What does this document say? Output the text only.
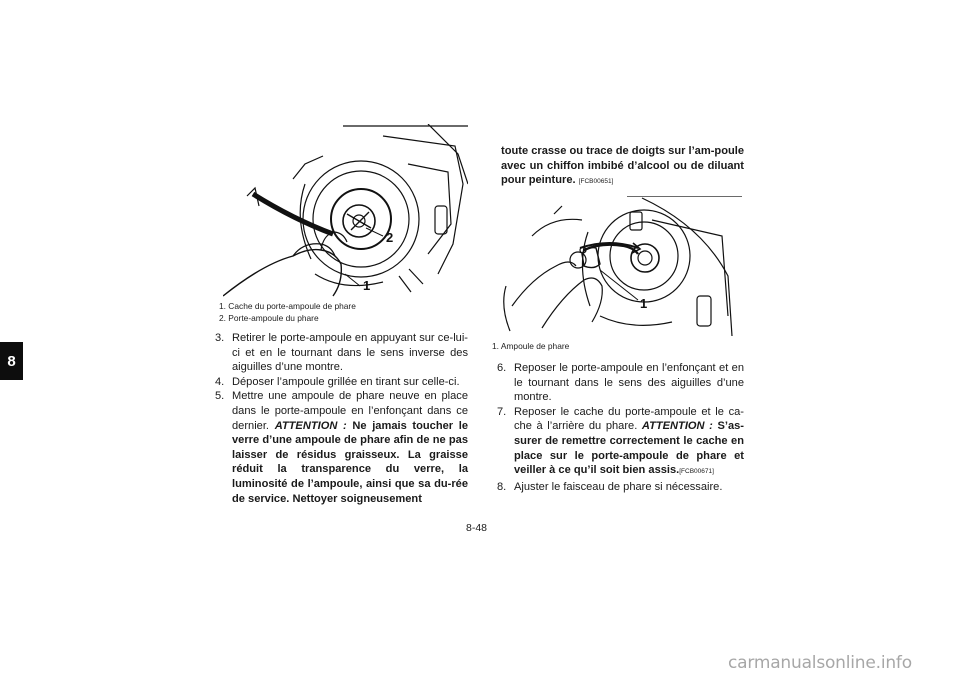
8
2
1
1. Cache du porte-ampoule de phare
2. Porte-ampoule du phare
3. Retirer le porte-ampoule en appuyant sur ce-lui-ci et en le tournant dans le sens inverse des aiguilles d’une montre.
4. Déposer l’ampoule grillée en tirant sur celle-ci.
5. Mettre une ampoule de phare neuve en place dans le porte-ampoule en l’enfonçant dans ce dernier. ATTENTION : Ne jamais toucher le verre d’une ampoule de phare afin de ne pas laisser de résidus graisseux. La graisse réduit la transparence du verre, la luminosité de l’ampoule, ainsi que sa du-rée de service. Nettoyer soigneusement
toute crasse ou trace de doigts sur l’am-poule avec un chiffon imbibé d’alcool ou de diluant pour peinture. [FCB00651]
1
1. Ampoule de phare
6. Reposer le porte-ampoule en l’enfonçant et en le tournant dans le sens des aiguilles d’une montre.
7. Reposer le cache du porte-ampoule et le ca-che à l’arrière du phare. ATTENTION : S’as-surer de remettre correctement le cache en place sur le porte-ampoule de phare et veiller à ce qu’il soit bien assis.[FCB00671]
8. Ajuster le faisceau de phare si nécessaire.
8-48
carmanualsonline.info
